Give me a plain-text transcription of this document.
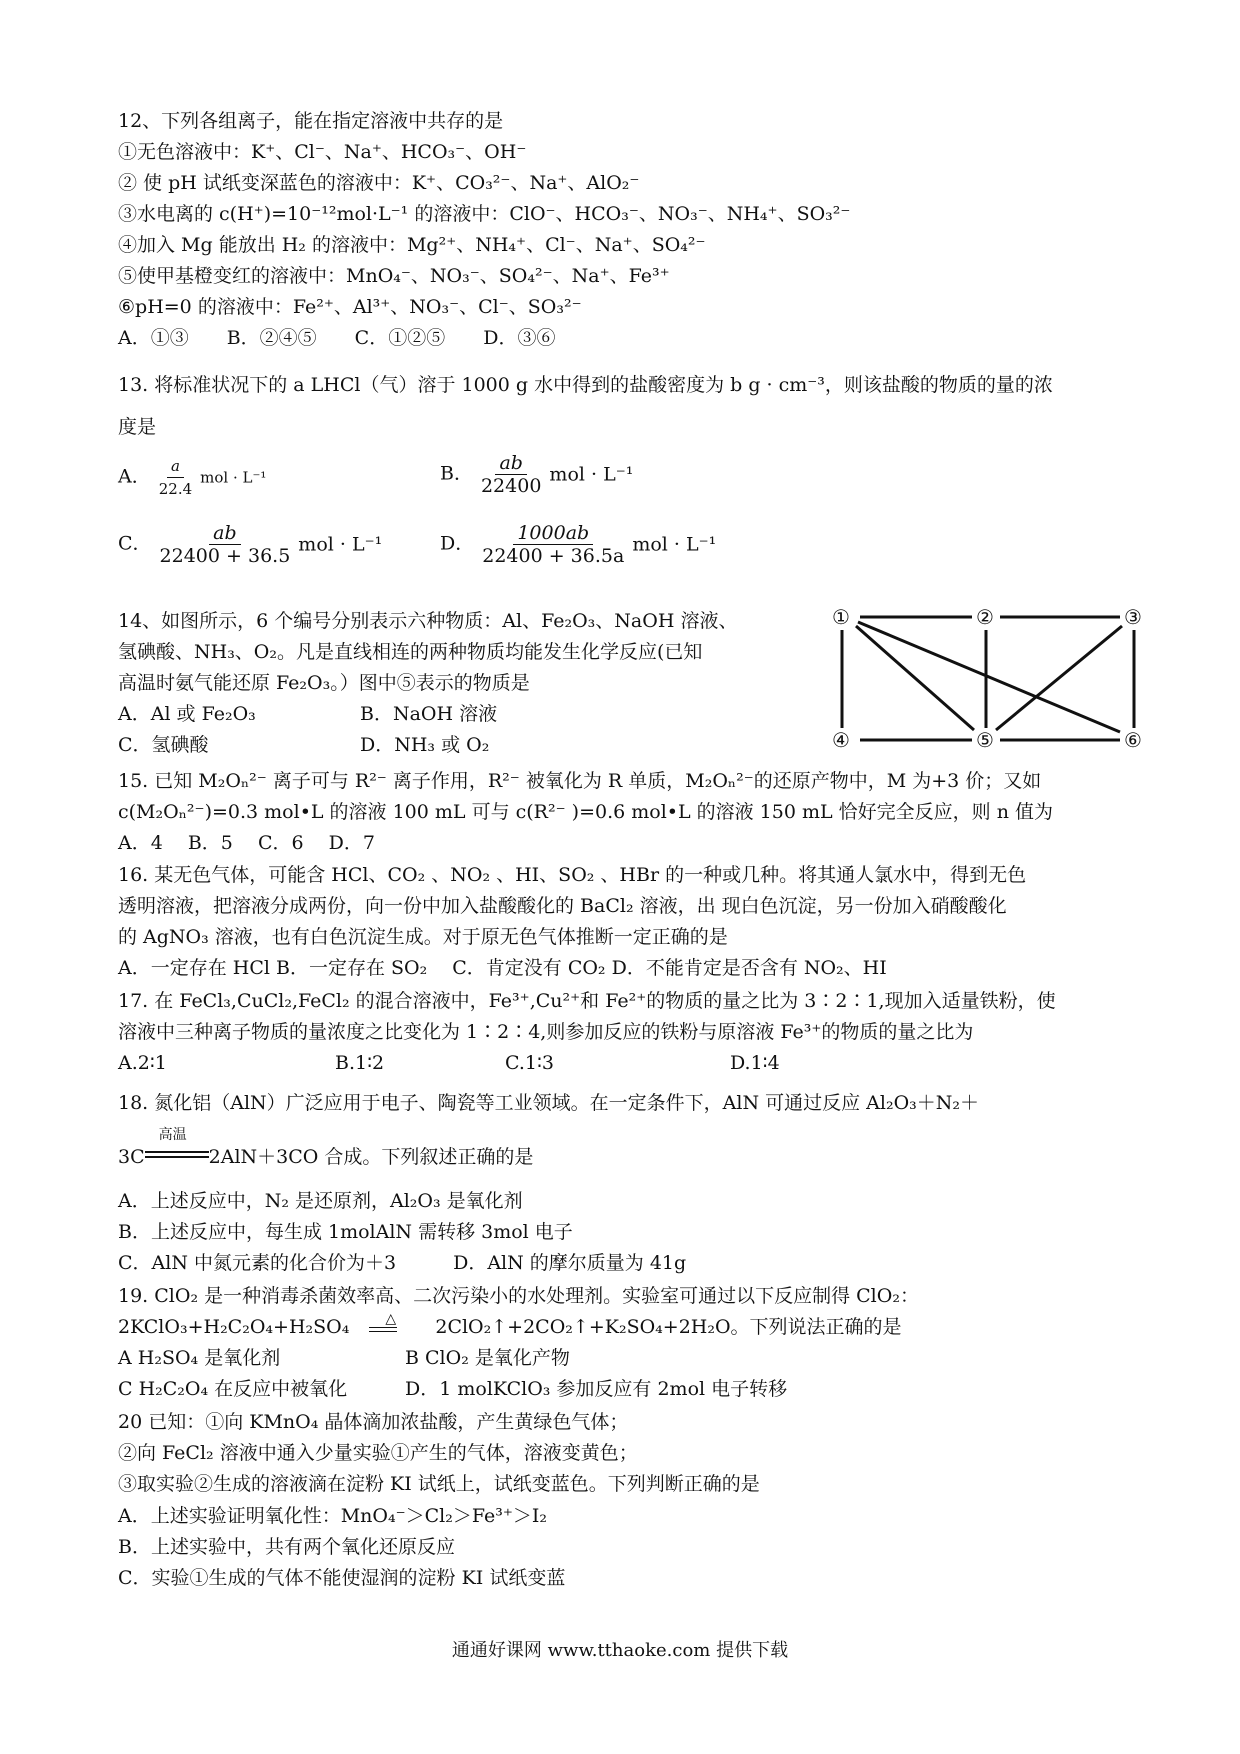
12、下列各组离子，能在指定溶液中共存的是
①无色溶液中：K⁺、Cl⁻、Na⁺、HCO₃⁻、OH⁻
② 使 pH 试纸变深蓝色的溶液中：K⁺、CO₃²⁻、Na⁺、AlO₂⁻
③水电离的 c(H⁺)=10⁻¹²mol·L⁻¹ 的溶液中：ClO⁻、HCO₃⁻、NO₃⁻、NH₄⁺、SO₃²⁻
④加入 Mg 能放出 H₂ 的溶液中：Mg²⁺、NH₄⁺、Cl⁻、Na⁺、SO₄²⁻
⑤使甲基橙变红的溶液中：MnO₄⁻、NO₃⁻、SO₄²⁻、Na⁺、Fe³⁺
⑥pH=0 的溶液中：Fe²⁺、Al³⁺、NO₃⁻、Cl⁻、SO₃²⁻
A．①③　　B．②④⑤　　C．①②⑤　　D．③⑥
13. 将标准状况下的 a LHCl（气）溶于 1000 g 水中得到的盐酸密度为 b g · cm⁻³，则该盐酸的物质的量的浓
度是
A． $\frac{a}{22.4}$ mol · L⁻¹	B． $\frac{ab}{22400}$ mol · L⁻¹
C． $\frac{ab}{22400 + 36.5}$ mol · L⁻¹	D． $\frac{1000ab}{22400 + 36.5a}$ mol · L⁻¹
14、如图所示，6 个编号分别表示六种物质：Al、Fe₂O₃、NaOH 溶液、
氢碘酸、NH₃、O₂。凡是直线相连的两种物质均能发生化学反应(已知
高温时氨气能还原 Fe₂O₃。）图中⑤表示的物质是
A．Al 或 Fe₂O₃	B．NaOH 溶液
C．氢碘酸	D．NH₃ 或 O₂
①	②	③
④	⑤	⑥
15. 已知 M₂Oₙ²⁻ 离子可与 R²⁻ 离子作用，R²⁻ 被氧化为 R 单质，M₂Oₙ²⁻的还原产物中，M 为+3 价；又如
c(M₂Oₙ²⁻)=0.3 mol•L 的溶液 100 mL 可与 c(R²⁻ )=0.6 mol•L 的溶液 150 mL 恰好完全反应，则 n 值为
A．4　 B．5　 C．6　 D．7
16. 某无色气体，可能含 HCl、CO₂ 、NO₂ 、HI、SO₂ 、HBr 的一种或几种。将其通人氯水中，得到无色
透明溶液，把溶液分成两份，向一份中加入盐酸酸化的 BaCl₂ 溶液，出 现白色沉淀，另一份加入硝酸酸化
的 AgNO₃ 溶液，也有白色沉淀生成。对于原无色气体推断一定正确的是
A．一定存在 HCl B．一定存在 SO₂　 C．肯定没有 CO₂ D．不能肯定是否含有 NO₂、HI
17. 在 FeCl₃,CuCl₂,FeCl₂ 的混合溶液中，Fe³⁺,Cu²⁺和 Fe²⁺的物质的量之比为 3∶2∶1,现加入适量铁粉，使
溶液中三种离子物质的量浓度之比变化为 1∶2∶4,则参加反应的铁粉与原溶液 Fe³⁺的物质的量之比为
A.2∶1	B.1∶2	C.1∶3	D.1∶4
18. 氮化铝（AlN）广泛应用于电子、陶瓷等工业领域。在一定条件下，AlN 可通过反应 Al₂O₃＋N₂＋
3C
高温
2AlN＋3CO 合成。下列叙述正确的是
A．上述反应中，N₂ 是还原剂，Al₂O₃ 是氧化剂
B．上述反应中，每生成 1molAlN 需转移 3mol 电子
C．AlN 中氮元素的化合价为＋3　　　D．AlN 的摩尔质量为 41g
19. ClO₂ 是一种消毒杀菌效率高、二次污染小的水处理剂。实验室可通过以下反应制得 ClO₂：
2KClO₃+H₂C₂O₄+H₂SO₄	△ 2ClO₂↑+2CO₂↑+K₂SO₄+2H₂O。下列说法正确的是
A H₂SO₄ 是氧化剂	B ClO₂ 是氧化产物
C H₂C₂O₄ 在反应中被氧化	D．1 molKClO₃ 参加反应有 2mol 电子转移
20 已知：①向 KMnO₄ 晶体滴加浓盐酸，产生黄绿色气体；
②向 FeCl₂ 溶液中通入少量实验①产生的气体，溶液变黄色；
③取实验②生成的溶液滴在淀粉 KI 试纸上，试纸变蓝色。下列判断正确的是
A．上述实验证明氧化性：MnO₄⁻＞Cl₂＞Fe³⁺＞I₂
B．上述实验中，共有两个氧化还原反应
C．实验①生成的气体不能使湿润的淀粉 KI 试纸变蓝
通通好课网 www.tthaoke.com 提供下载
